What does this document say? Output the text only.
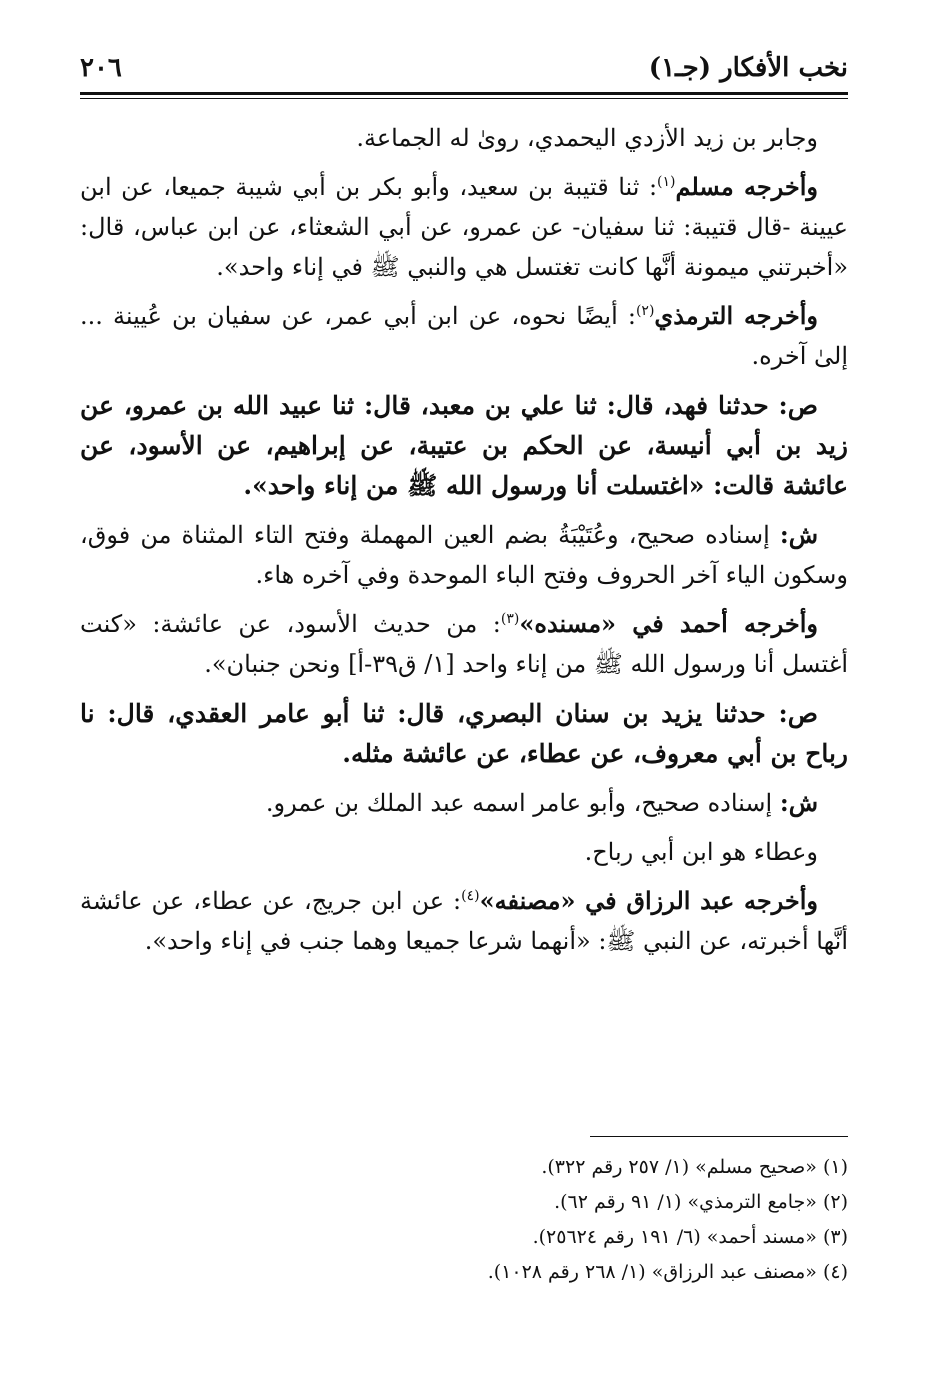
نخب الأفكار (جـ١)
٢٠٦

وجابر بن زيد الأزدي اليحمدي، روىٰ له الجماعة.

وأخرجه مسلم$^{(١)}$: ثنا قتيبة بن سعيد، وأبو بكر بن أبي شيبة جميعا، عن ابن عيينة -قال قتيبة: ثنا سفيان- عن عمرو، عن أبي الشعثاء، عن ابن عباس، قال: «أخبرتني ميمونة أنَّها كانت تغتسل هي والنبي ﷺ في إناء واحد».

وأخرجه الترمذي$^{(٢)}$: أيضًا نحوه، عن ابن أبي عمر، عن سفيان بن عُيينة ... إلىٰ آخره.

ص: حدثنا فهد، قال: ثنا علي بن معبد، قال: ثنا عبيد الله بن عمرو، عن زيد بن أبي أنيسة، عن الحكم بن عتيبة، عن إبراهيم، عن الأسود، عن عائشة قالت: «اغتسلت أنا ورسول الله ﷺ من إناء واحد».

ش: إسناده صحيح، وعُتَيْبَةُ بضم العين المهملة وفتح التاء المثناة من فوق، وسكون الياء آخر الحروف وفتح الباء الموحدة وفي آخره هاء.

وأخرجه أحمد في «مسنده»$^{(٣)}$: من حديث الأسود، عن عائشة: «كنت أغتسل أنا ورسول الله ﷺ من إناء واحد [١/ ق٣٩-أ] ونحن جنبان».

ص: حدثنا يزيد بن سنان البصري، قال: ثنا أبو عامر العقدي، قال: نا رباح بن أبي معروف، عن عطاء، عن عائشة مثله.

ش: إسناده صحيح، وأبو عامر اسمه عبد الملك بن عمرو.

وعطاء هو ابن أبي رباح.

وأخرجه عبد الرزاق في «مصنفه»$^{(٤)}$: عن ابن جريج، عن عطاء، عن عائشة أنَّها أخبرته، عن النبي ﷺ: «أنهما شرعا جميعا وهما جنب في إناء واحد».

(١) «صحيح مسلم» (١/ ٢٥٧ رقم ٣٢٢).

(٢) «جامع الترمذي» (١/ ٩١ رقم ٦٢).

(٣) «مسند أحمد» (٦/ ١٩١ رقم ٢٥٦٢٤).

(٤) «مصنف عبد الرزاق» (١/ ٢٦٨ رقم ١٠٢٨).
